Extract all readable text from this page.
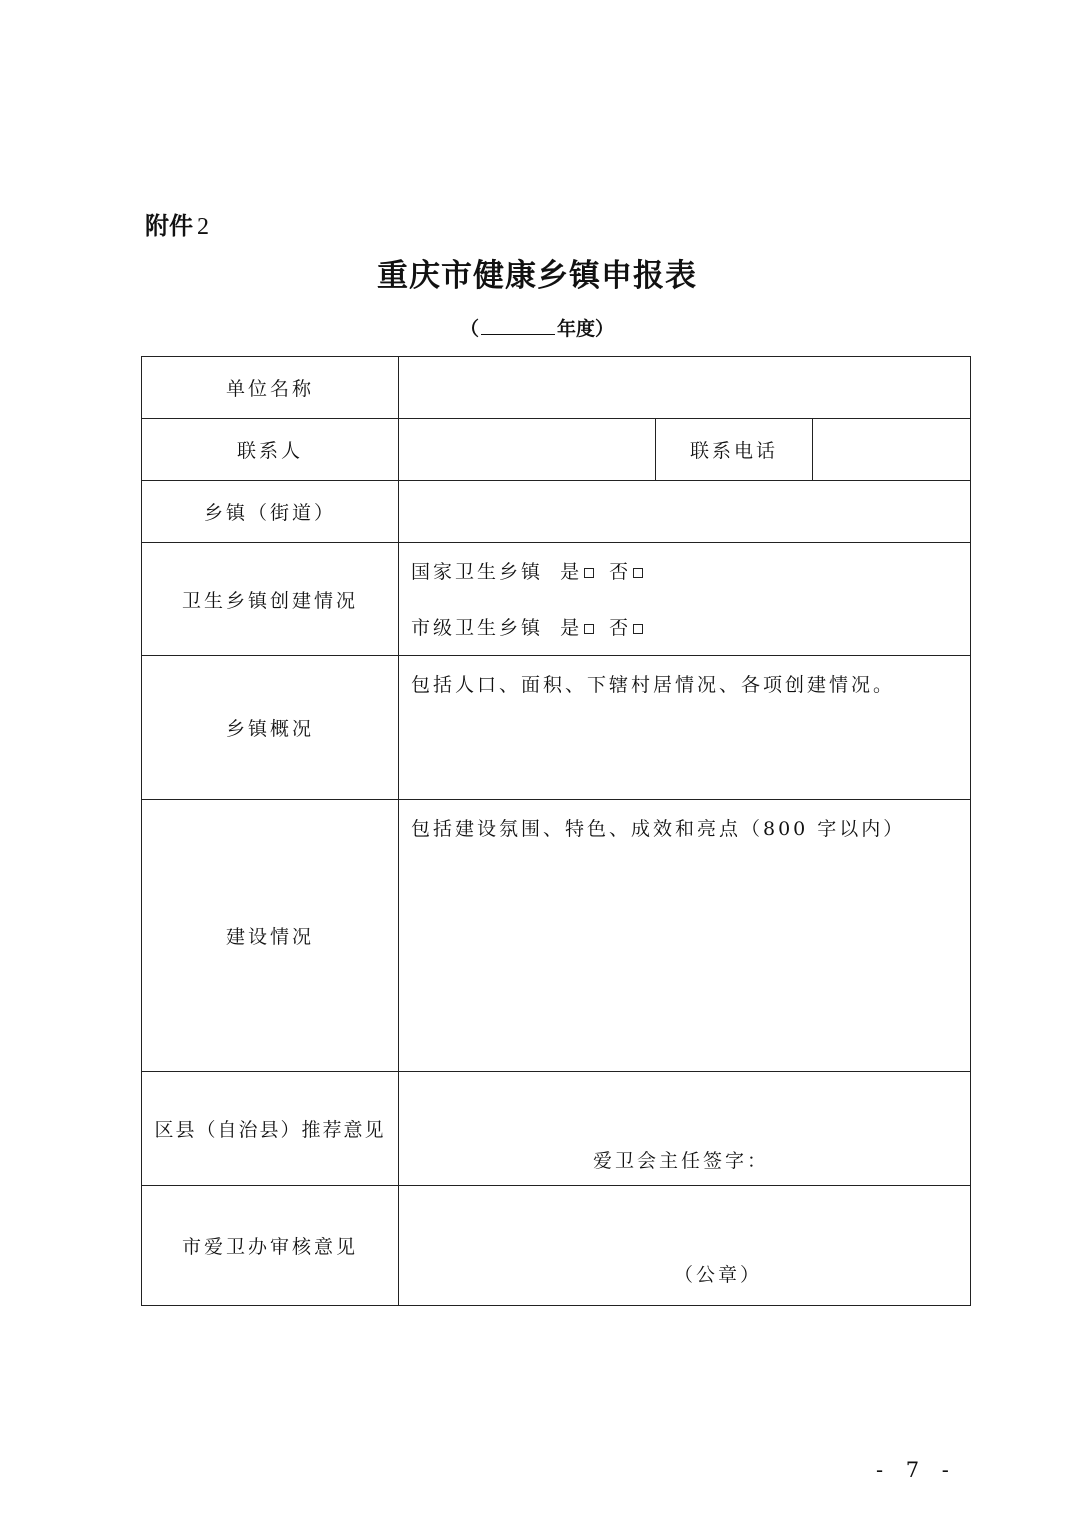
附件 2
重庆市健康乡镇申报表
（	年度）
单位名称			
联系人		联系电话	
乡镇（街道）			
卫生乡镇创建情况	国家卫生乡镇 是 否
市级卫生乡镇 是 否		

乡镇概况	包括人口、面积、下辖村居情况、各项创建情况。		
建设情况	包括建设氛围、特色、成效和亮点（800 字以内）		
区县（自治县）推荐意见	爱卫会主任签字：		

市爱卫办审核意见	（公章）		
- 7 -
